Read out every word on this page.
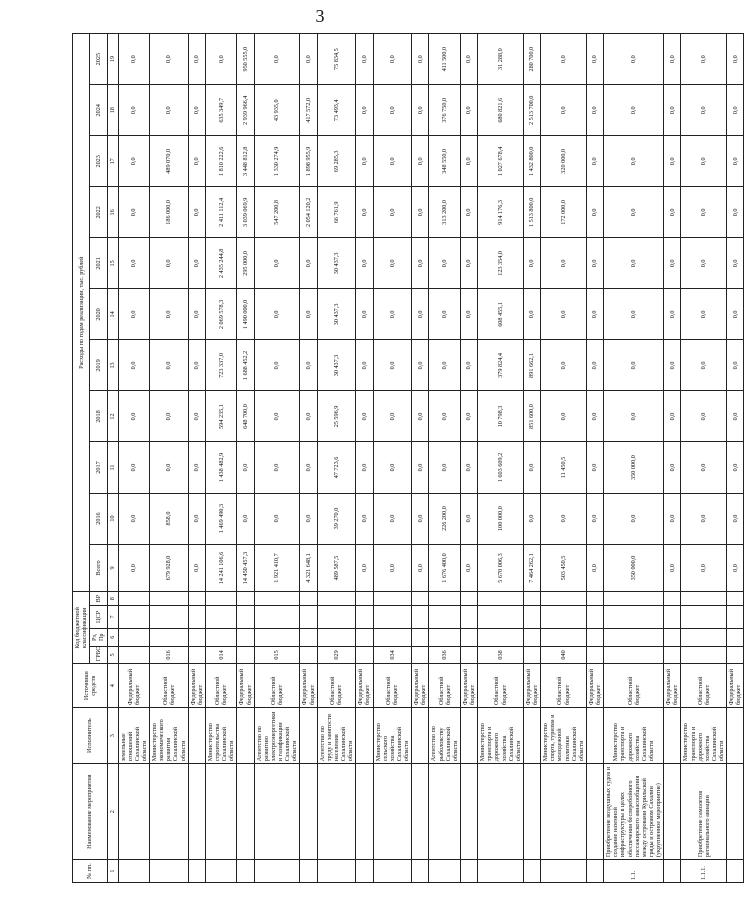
3
№ пп.	Наименование мероприятия	Исполнитель	Источники средств	Код бюджетной классификации				Расходы по годам реализации, тыс. рублей										
				ГРБС	Рз, Пр	ЦСР	ВР	Всего	2016	2017	2018	2019	2020	2021	2022	2023	2024	2025
1	2	3	4	5	6	7	8	9	10	11	12	13	14	15	16	17	18	19
		земельные отношений Сахалинской области	Федеральный бюджет					0,0	0,0	0,0	0,0	0,0	0,0	0,0	0,0	0,0	0,0	0,0
		Министерство экономического развития Сахалинской области	Областной бюджет	016				679 928,0	858,0	0,0	0,0	0,0	0,0	0,0	186 000,0	489 070,0	0,0	0,0
			Федеральный бюджет					0,0	0,0	0,0	0,0	0,0	0,0	0,0	0,0	0,0	0,0	0,0
		Министерство строительства Сахалинской области	Областной бюджет	014				14 241 106,6	1 469 490,3	1 438 482,9	594 235,1	723 337,0	2 069 578,3	2 435 244,8	2 411 112,4	1 810 222,6	635 349,7	0,0
			Федеральный бюджет					14 450 457,3	0,0	0,0	648 700,0	1 688 452,2	1 490 000,0	295 000,0	3 039 069,9	3 448 812,8	2 939 966,4	950 555,0
		Агентство по развитию электроэнергетики и газификации Сахалинской области	Областной бюджет	015				1 921 410,7	0,0	0,0	0,0	0,0	0,0	0,0	547 200,8	1 330 274,9	43 935,0	0,0
			Федеральный бюджет					4 321 648,1	0,0	0,0	0,0	0,0	0,0	0,0	2 054 120,2	1 898 955,9	417 572,0	0,0
		Агентство по труду и занятости населения Сахалинской области	Областной бюджет	029				489 587,5	39 270,0	47 723,6	25 596,9	30 437,3	30 437,3	30 437,3	66 761,9	69 285,3	73 493,4	75 834,5
			Федеральный бюджет					0,0	0,0	0,0	0,0	0,0	0,0	0,0	0,0	0,0	0,0	0,0
		Министерство сельского хозяйства Сахалинской области	Областной бюджет	034				0,0	0,0	0,0	0,0	0,0	0,0	0,0	0,0	0,0	0,0	0,0
			Федеральный бюджет					0,0	0,0	0,0	0,0	0,0	0,0	0,0	0,0	0,0	0,0	0,0
		Агентство по рыболовству Сахалинской области	Областной бюджет	036				1 676 400,0	226 200,0	0,0	0,0	0,0	0,0	0,0	313 200,0	348 550,0	376 750,0	411 500,0
			Федеральный бюджет					0,0	0,0	0,0	0,0	0,0	0,0	0,0	0,0	0,0	0,0	0,0
		Министерство транспорта и дорожного хозяйства Сахалинской области	Областной бюджет	038				5 670 006,3	100 000,0	1 603 609,2	10 798,3	379 824,4	608 455,1	123 354,0	914 176,3	1 027 678,4	680 821,6	31 288,0
			Федеральный бюджет					7 464 262,1	0,0	0,0	851 600,0	891 662,1	0,0	0,0	1 513 800,0	1 432 800,0	2 513 700,0	280 700,0
		Министерство спорта, туризма и молодежной политики Сахалинской области	Областной бюджет	040				503 450,5	0,0	11 450,5	0,0	0,0	0,0	0,0	172 000,0	320 000,0	0,0	0,0
			Федеральный бюджет					0,0	0,0	0,0	0,0	0,0	0,0	0,0	0,0	0,0	0,0	0,0
1.1.	Приобретение воздушных судов и создание наземной инфраструктуры в целях обеспечения бесперебойного пассажирского авиасообщения между островами Курильской гряды и островом Сахалин (укрупненное мероприятие)	Министерство транспорта и дорожного хозяйства Сахалинской области	Областной бюджет					350 000,0	0,0	350 000,0	0,0	0,0	0,0	0,0	0,0	0,0	0,0	0,0
			Федеральный бюджет					0,0	0,0	0,0	0,0	0,0	0,0	0,0	0,0	0,0	0,0	0,0
1.1.1.	Приобретение самолетов регионального авиации	Министерство транспорта и дорожного хозяйства Сахалинской области	Областной бюджет					0,0	0,0	0,0	0,0	0,0	0,0	0,0	0,0	0,0	0,0	0,0
			Федеральный бюджет					0,0	0,0	0,0	0,0	0,0	0,0	0,0	0,0	0,0	0,0	0,0
